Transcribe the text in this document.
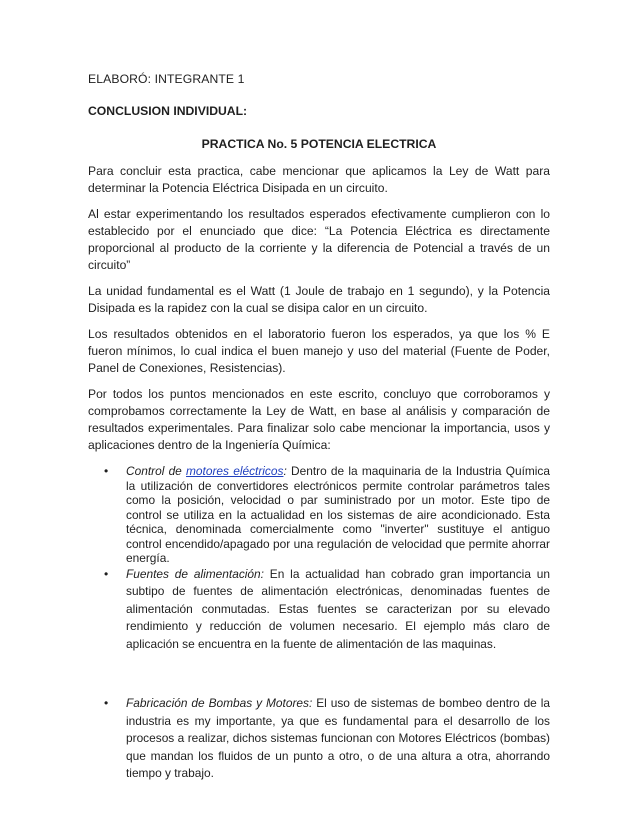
ELABORÓ: INTEGRANTE 1
CONCLUSION INDIVIDUAL:
PRACTICA No. 5 POTENCIA ELECTRICA

Para concluir esta practica, cabe mencionar que aplicamos la Ley de Watt para determinar la Potencia Eléctrica Disipada en un circuito.

Al estar experimentando los resultados esperados efectivamente cumplieron con lo establecido por el enunciado que dice: “La Potencia Eléctrica es directamente proporcional al producto de la corriente y la diferencia de Potencial a través de un circuito”

La unidad fundamental es el Watt (1 Joule de trabajo en 1 segundo), y la Potencia Disipada es la rapidez con la cual se disipa calor en un circuito.

Los resultados obtenidos en el laboratorio fueron los esperados, ya que los % E fueron mínimos, lo cual indica el buen manejo y uso del material (Fuente de Poder, Panel de Conexiones, Resistencias).

Por todos los puntos mencionados en este escrito, concluyo que corroboramos y comprobamos correctamente la Ley de Watt, en base al análisis y comparación de resultados experimentales. Para finalizar solo cabe mencionar la importancia, usos y aplicaciones dentro de la Ingeniería Química:

• Control de motores eléctricos: Dentro de la maquinaria de la Industria Química la utilización de convertidores electrónicos permite controlar parámetros tales como la posición, velocidad o par suministrado por un motor. Este tipo de control se utiliza en la actualidad en los sistemas de aire acondicionado. Esta técnica, denominada comercialmente como "inverter" sustituye el antiguo control encendido/apagado por una regulación de velocidad que permite ahorrar energía.
• Fuentes de alimentación: En la actualidad han cobrado gran importancia un subtipo de fuentes de alimentación electrónicas, denominadas fuentes de alimentación conmutadas. Estas fuentes se caracterizan por su elevado rendimiento y reducción de volumen necesario. El ejemplo más claro de aplicación se encuentra en la fuente de alimentación de las maquinas.
• Fabricación de Bombas y Motores: El uso de sistemas de bombeo dentro de la industria es my importante, ya que es fundamental para el desarrollo de los procesos a realizar, dichos sistemas funcionan con Motores Eléctricos (bombas) que mandan los fluidos de un punto a otro, o de una altura a otra, ahorrando tiempo y trabajo.
